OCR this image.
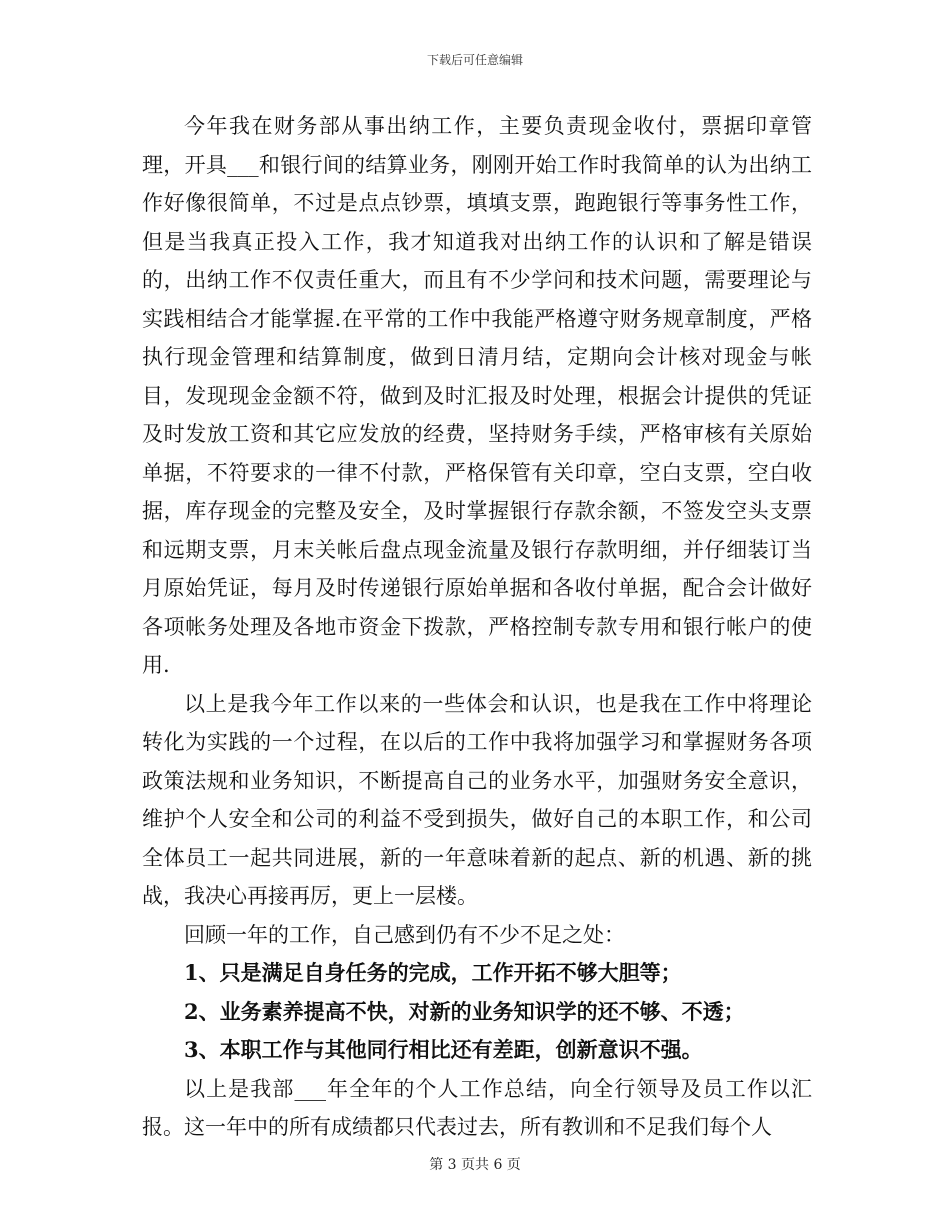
下载后可任意编辑

今年我在财务部从事出纳工作，主要负责现金收付，票据印章管理，开具___和银行间的结算业务，刚刚开始工作时我简单的认为出纳工作好像很简单，不过是点点钞票，填填支票，跑跑银行等事务性工作，但是当我真正投入工作，我才知道我对出纳工作的认识和了解是错误的，出纳工作不仅责任重大，而且有不少学问和技术问题，需要理论与实践相结合才能掌握.在平常的工作中我能严格遵守财务规章制度，严格执行现金管理和结算制度，做到日清月结，定期向会计核对现金与帐目，发现现金金额不符，做到及时汇报及时处理，根据会计提供的凭证及时发放工资和其它应发放的经费，坚持财务手续，严格审核有关原始单据，不符要求的一律不付款，严格保管有关印章，空白支票，空白收据，库存现金的完整及安全，及时掌握银行存款余额，不签发空头支票和远期支票，月末关帐后盘点现金流量及银行存款明细，并仔细装订当月原始凭证，每月及时传递银行原始单据和各收付单据，配合会计做好各项帐务处理及各地市资金下拨款，严格控制专款专用和银行帐户的使用.

以上是我今年工作以来的一些体会和认识，也是我在工作中将理论转化为实践的一个过程，在以后的工作中我将加强学习和掌握财务各项政策法规和业务知识，不断提高自己的业务水平，加强财务安全意识，维护个人安全和公司的利益不受到损失，做好自己的本职工作，和公司全体员工一起共同进展，新的一年意味着新的起点、新的机遇、新的挑战，我决心再接再厉，更上一层楼。

回顾一年的工作，自己感到仍有不少不足之处：

1、只是满足自身任务的完成，工作开拓不够大胆等；

2、业务素养提高不快，对新的业务知识学的还不够、不透；

3、本职工作与其他同行相比还有差距，创新意识不强。

以上是我部___年全年的个人工作总结，向全行领导及员工作以汇报。这一年中的所有成绩都只代表过去，所有教训和不足我们每个人

第 3 页共 6 页
